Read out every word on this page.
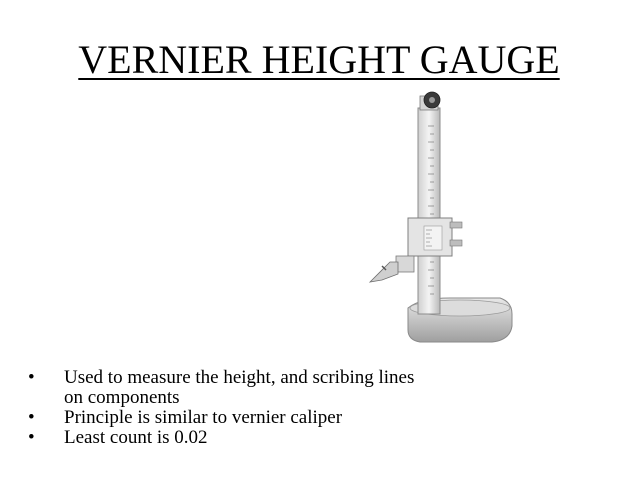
VERNIER HEIGHT GAUGE
•	Used to measure the height, and scribing lines
on components
•	Principle is similar to vernier caliper
•	Least count is 0.02
